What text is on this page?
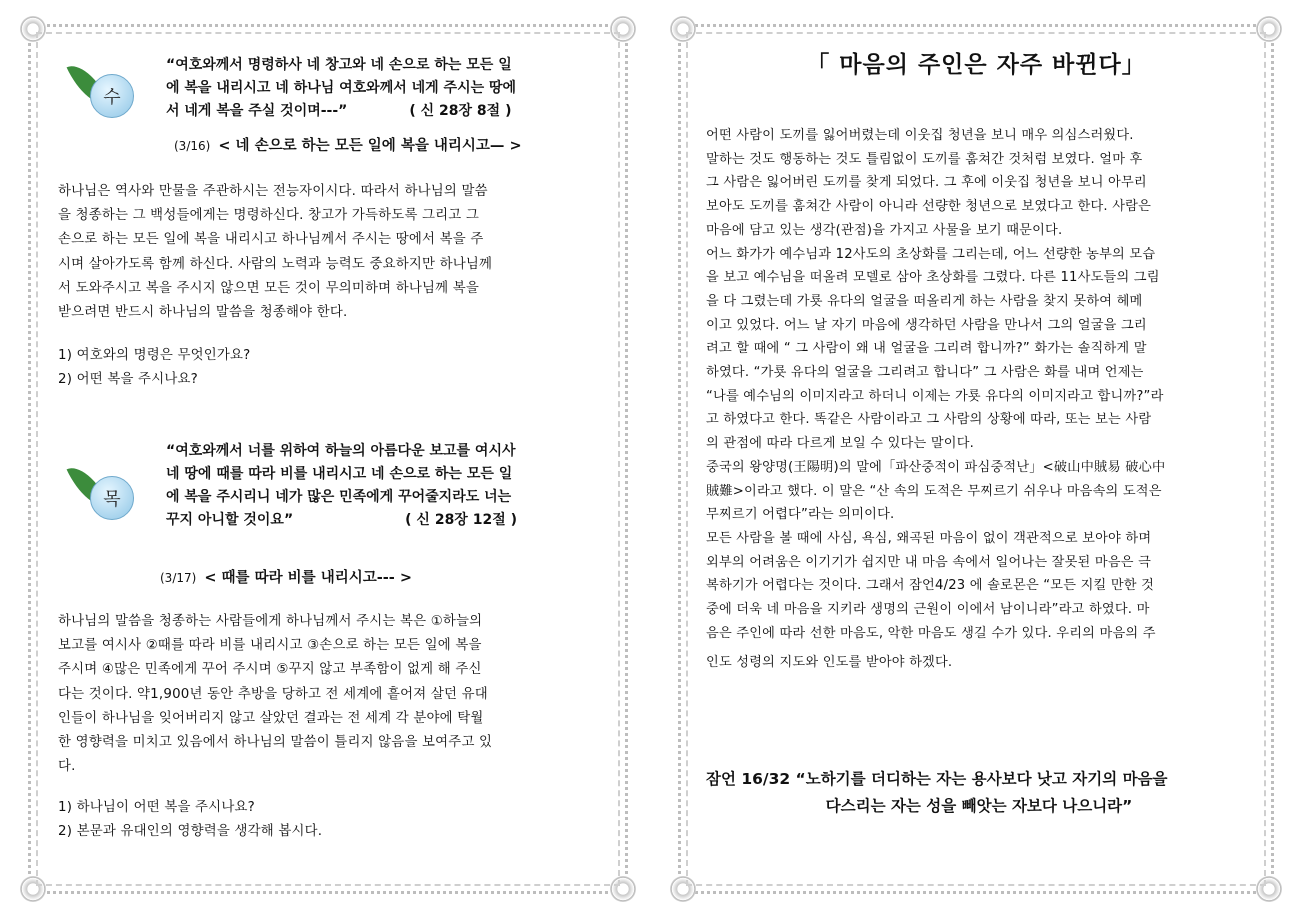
수
“여호와께서 명령하사 네 창고와 네 손으로 하는 모든 일
에 복을 내리시고 네 하나님 여호와께서 네게 주시는 땅에
서 네게 복을 주실 것이며---”	( 신 28장 8절 )
(3/16) < 네 손으로 하는 모든 일에 복을 내리시고— >
하나님은 역사와 만물을 주관하시는 전능자이시다. 따라서 하나님의 말씀
을 청종하는 그 백성들에게는 명령하신다. 창고가 가득하도록 그리고 그
손으로 하는 모든 일에 복을 내리시고 하나님께서 주시는 땅에서 복을 주
시며 살아가도록 함께 하신다. 사람의 노력과 능력도 중요하지만 하나님께
서 도와주시고 복을 주시지 않으면 모든 것이 무의미하며 하나님께 복을
받으려면 반드시 하나님의 말씀을 청종해야 한다.
1) 여호와의 명령은 무엇인가요?
2) 어떤 복을 주시나요?
목
“여호와께서 너를 위하여 하늘의 아름다운 보고를 여시사
네 땅에 때를 따라 비를 내리시고 네 손으로 하는 모든 일
에 복을 주시리니 네가 많은 민족에게 꾸어줄지라도 너는
꾸지 아니할 것이요”	( 신 28장 12절 )
(3/17) < 때를 따라 비를 내리시고--- >
하나님의 말씀을 청종하는 사람들에게 하나님께서 주시는 복은 ①하늘의
보고를 여시사 ②때를 따라 비를 내리시고 ③손으로 하는 모든 일에 복을
주시며 ④많은 민족에게 꾸어 주시며 ⑤꾸지 않고 부족함이 없게 해 주신
다는 것이다. 약1,900년 동안 추방을 당하고 전 세계에 흩어져 살던 유대
인들이 하나님을 잊어버리지 않고 살았던 결과는 전 세계 각 분야에 탁월
한 영향력을 미치고 있음에서 하나님의 말씀이 틀리지 않음을 보여주고 있
다.
1) 하나님이 어떤 복을 주시나요?
2) 본문과 유대인의 영향력을 생각해 봅시다.
「 마음의 주인은 자주 바뀐다」
어떤 사람이 도끼를 잃어버렸는데 이웃집 청년을 보니 매우 의심스러웠다.
말하는 것도 행동하는 것도 틀림없이 도끼를 훔쳐간 것처럼 보였다. 얼마 후
그 사람은 잃어버린 도끼를 찾게 되었다. 그 후에 이웃집 청년을 보니 아무리
보아도 도끼를 훔쳐간 사람이 아니라 선량한 청년으로 보였다고 한다. 사람은
마음에 담고 있는 생각(관점)을 가지고 사물을 보기 때문이다.
어느 화가가 예수님과 12사도의 초상화를 그리는데, 어느 선량한 농부의 모습
을 보고 예수님을 떠올려 모델로 삼아 초상화를 그렸다. 다른 11사도들의 그림
을 다 그렸는데 가룟 유다의 얼굴을 떠올리게 하는 사람을 찾지 못하여 헤메
이고 있었다. 어느 날 자기 마음에 생각하던 사람을 만나서 그의 얼굴을 그리
려고 할 때에 “ 그 사람이 왜 내 얼굴을 그리려 합니까?” 화가는 솔직하게 말
하였다. “가룟 유다의 얼굴을 그리려고 합니다” 그 사람은 화를 내며 언제는
“나를 예수님의 이미지라고 하더니 이제는 가룟 유다의 이미지라고 합니까?”라
고 하였다고 한다. 똑같은 사람이라고 그 사람의 상황에 따라, 또는 보는 사람
의 관점에 따라 다르게 보일 수 있다는 말이다.
중국의 왕양명(王陽明)의 말에「파산중적이 파심중적난」<破山中賊易 破心中
賊難>이라고 했다. 이 말은 “산 속의 도적은 무찌르기 쉬우나 마음속의 도적은
무찌르기 어렵다”라는 의미이다.
모든 사람을 볼 때에 사심, 욕심, 왜곡된 마음이 없이 객관적으로 보아야 하며
외부의 어려움은 이기기가 쉽지만 내 마음 속에서 일어나는 잘못된 마음은 극
복하기가 어렵다는 것이다. 그래서 잠언4/23 에 솔로몬은 “모든 지킬 만한 것
중에 더욱 네 마음을 지키라 생명의 근원이 이에서 남이니라”라고 하였다. 마
음은 주인에 따라 선한 마음도, 악한 마음도 생길 수가 있다. 우리의 마음의 주
인도 성령의 지도와 인도를 받아야 하겠다.
잠언 16/32 “노하기를 더디하는 자는 용사보다 낫고 자기의 마음을
다스리는 자는 성을 빼앗는 자보다 나으니라”
